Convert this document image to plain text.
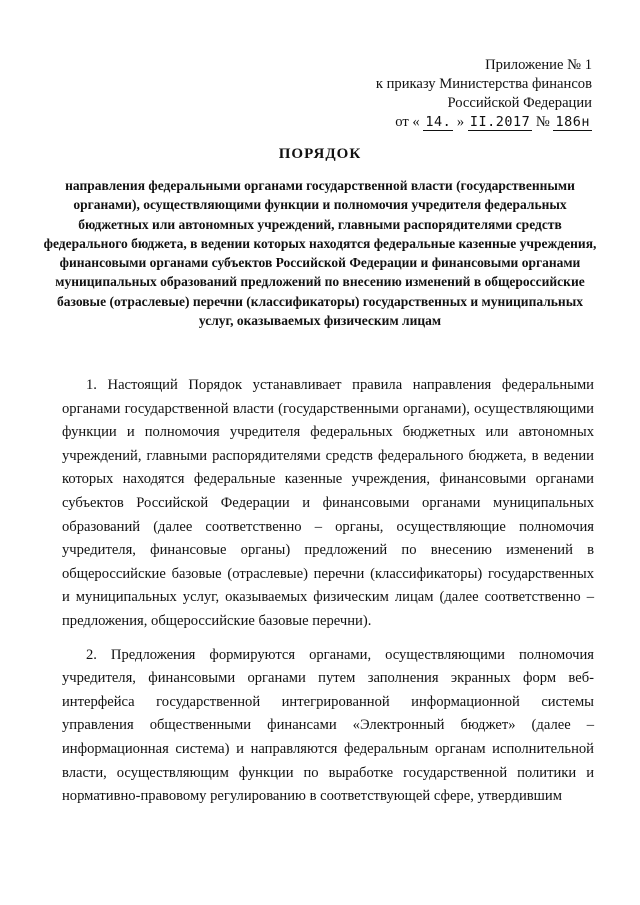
Приложение № 1
к приказу Министерства финансов
Российской Федерации
от « 14. » II.2017 № 186н
ПОРЯДОК
направления федеральными органами государственной власти (государственными органами), осуществляющими функции и полномочия учредителя федеральных бюджетных или автономных учреждений, главными распорядителями средств федерального бюджета, в ведении которых находятся федеральные казенные учреждения, финансовыми органами субъектов Российской Федерации и финансовыми органами муниципальных образований предложений по внесению изменений в общероссийские базовые (отраслевые) перечни (классификаторы) государственных и муниципальных услуг, оказываемых физическим лицам

1. Настоящий Порядок устанавливает правила направления федеральными органами государственной власти (государственными органами), осуществляющими функции и полномочия учредителя федеральных бюджетных или автономных учреждений, главными распорядителями средств федерального бюджета, в ведении которых находятся федеральные казенные учреждения, финансовыми органами субъектов Российской Федерации и финансовыми органами муниципальных образований (далее соответственно – органы, осуществляющие полномочия учредителя, финансовые органы) предложений по внесению изменений в общероссийские базовые (отраслевые) перечни (классификаторы) государственных и муниципальных услуг, оказываемых физическим лицам (далее соответственно – предложения, общероссийские базовые перечни).

2. Предложения формируются органами, осуществляющими полномочия учредителя, финансовыми органами путем заполнения экранных форм веб-интерфейса государственной интегрированной информационной системы управления общественными финансами «Электронный бюджет» (далее – информационная система) и направляются федеральным органам исполнительной власти, осуществляющим функции по выработке государственной политики и нормативно-правовому регулированию в соответствующей сфере, утвердившим
